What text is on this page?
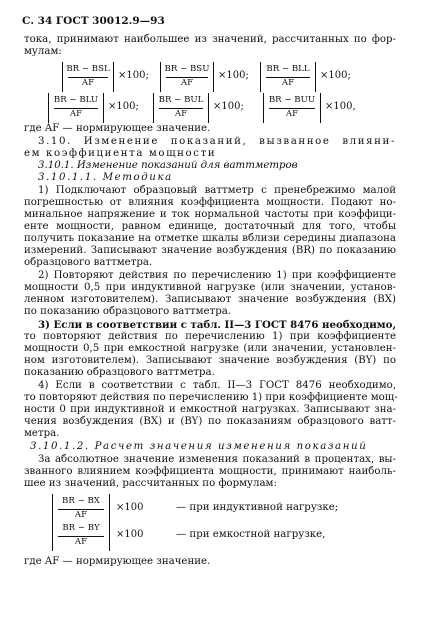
С. 34 ГОСТ 30012.9—93
тока, принимают наибольшее из значений, рассчитанных по фор-
мулам:
BR − BSL
AF
×100;
BR − BSU
AF
×100;
BR − BLL
AF
×100;
BR − BLU
AF
×100;
BR − BUL
AF
×100;
BR − BUU
AF
×100,
где AF — нормирующее значение.
3.10. Изменение показаний, вызванное влияни-
ем коэффициента мощности
3.10.1. Изменение показаний для ваттметров
3.10.1.1. Методика
1) Подключают образцовый ваттметр с пренебрежимо малой
погрешностью от влияния коэффициента мощности. Подают но-
минальное напряжение и ток нормальной частоты при коэффици-
енте мощности, равном единице, достаточный для того, чтобы
получить показание на отметке шкалы вблизи середины диапазона
измерений. Записывают значение возбуждения (BR) по показанию
образцового ваттметра.
2) Повторяют действия по перечислению 1) при коэффициенте
мощности 0,5 при индуктивной нагрузке (или значении, установ-
ленном изготовителем). Записывают значение возбуждения (BX)
по показанию образцового ваттметра.
3) Если в соответствии с табл. II—3 ГОСТ 8476 необходимо,
то повторяют действия по перечислению 1) при коэффициенте
мощности 0,5 при емкостной нагрузке (или значении, установлен-
ном изготовителем). Записывают значение возбуждения (BY) по
показанию образцового ваттметра.
4) Если в соответствии с табл. II—3 ГОСТ 8476 необходимо,
то повторяют действия по перечислению 1) при коэффициенте мощ-
ности 0 при индуктивной и емкостной нагрузках. Записывают зна-
чения возбуждения (BX) и (BY) по показаниям образцового ватт-
метра.
3.10.1.2. Расчет значения изменения показаний
За абсолютное значение изменения показаний в процентах, вы-
званного влиянием коэффициента мощности, принимают наиболь-
шее из значений, рассчитанных по формулам:
BR − BX
AF
×100	— при индуктивной нагрузке;
BR − BY
AF
×100	— при емкостной нагрузке,
где AF — нормирующее значение.
